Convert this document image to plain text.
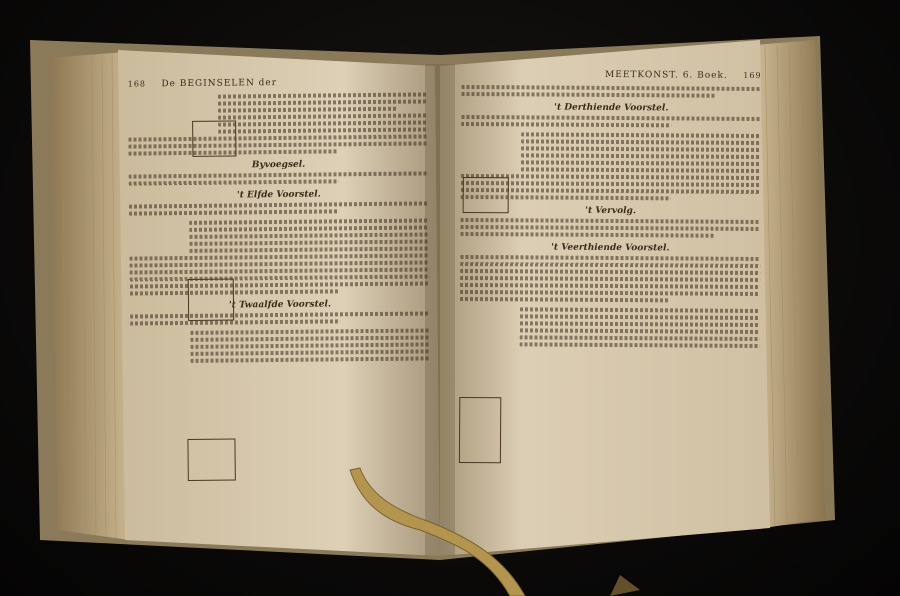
168 De BEGINSELEN der
Byvoegsel.
't Elfde Voorstel.
't Twaalfde Voorstel.
MEETKONST. 6. Boek. 169
't Derthiende Voorstel.
't Vervolg.
't Veerthiende Voorstel.
